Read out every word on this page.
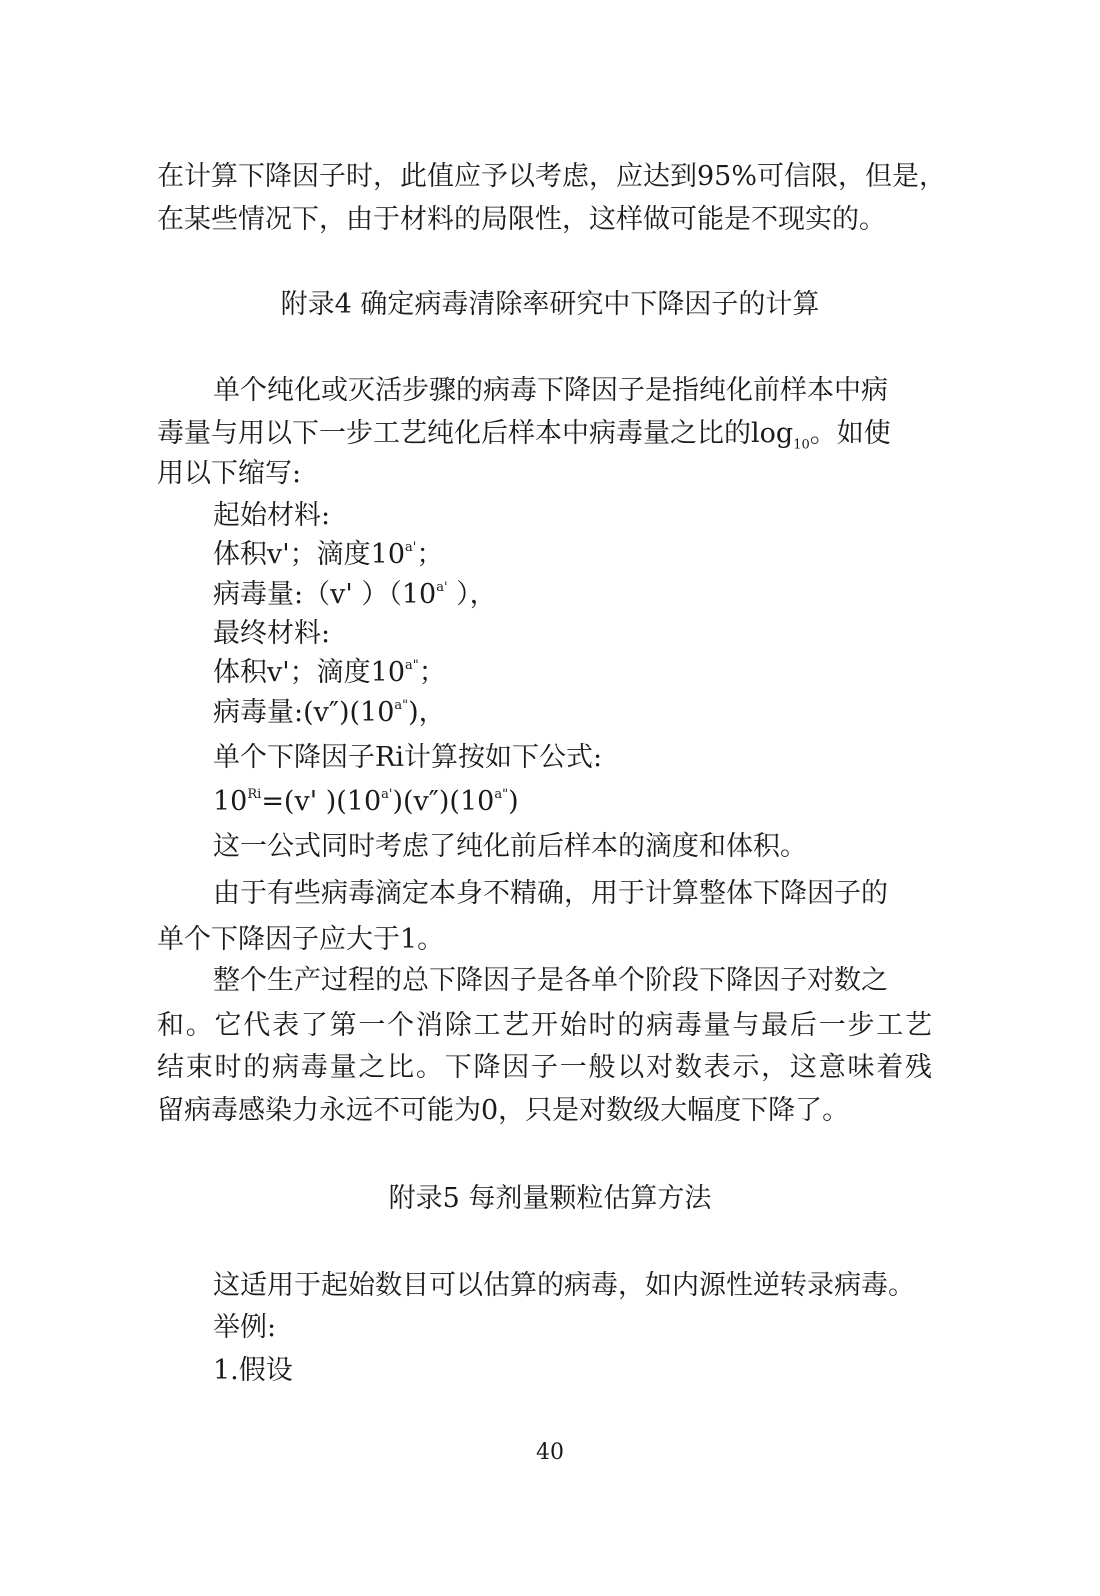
在计算下降因子时，此值应予以考虑，应达到95%可信限，但是，
在某些情况下，由于材料的局限性，这样做可能是不现实的。
附录4 确定病毒清除率研究中下降因子的计算
单个纯化或灭活步骤的病毒下降因子是指纯化前样本中病
毒量与用以下一步工艺纯化后样本中病毒量之比的$\log_{10}$。如使
用以下缩写:
起始材料:
体积v'；滴度$10^{a'}$；
病毒量:（v' ）（$10^{a'}$ ），
最终材料:
体积v'；滴度$10^{a"}$；
病毒量$:(v'')(10^{a"})$，
单个下降因子Ri计算按如下公式:
$10^{Ri}=(v'$ )$(10^{a'})(v'')(10^{a"})$
这一公式同时考虑了纯化前后样本的滴度和体积。
由于有些病毒滴定本身不精确，用于计算整体下降因子的
单个下降因子应大于1。
整个生产过程的总下降因子是各单个阶段下降因子对数之
和。它代表了第一个消除工艺开始时的病毒量与最后一步工艺
结束时的病毒量之比。下降因子一般以对数表示，这意味着残
留病毒感染力永远不可能为0，只是对数级大幅度下降了。
附录5 每剂量颗粒估算方法
这适用于起始数目可以估算的病毒，如内源性逆转录病毒。
举例:
1.假设
40
